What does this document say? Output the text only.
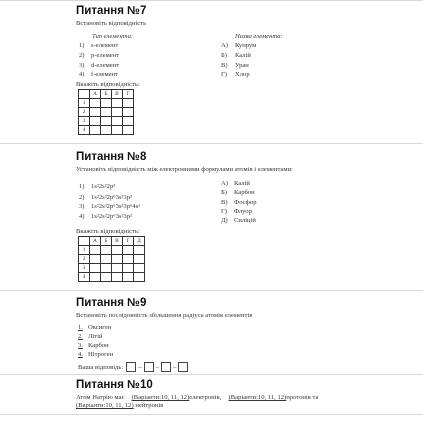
Питання №7
Встановіть відповідність
Тип елемента:	Назва елемента:
1) s-елемент
2) p-елемент
3) d-елемент
4) f-елемент
А) Купрум
Б) Калій
В) Уран
Г) Хлор
Вкажіть відповідність:
	А	Б	В	Г
1				
2				
3				
4				
Питання №8
Установіть відповідність між електронними формулами атомів і елементами:
1) 1s²2s²2p³
2) 1s²2s²2p⁶3s²3p³
3) 1s²2s²2p⁶3s²3p⁶4s¹
4) 1s²2s²2p⁶3s²3p²
А) Калій
Б) Карбон
В) Фосфор
Г) Флуор
Д) Силіцій
Вкажіть відповідність:
	А	Б	В	Г	Д
1					
2					
3					
4					
Питання №9
Встановіть послідовність збільшення радіуса атомів елементів
1. Оксиген
2. Літій
3. Карбон
4. Нітроген
Ваша відповідь: – – –
Питання №10
Атом Натрію має (Варіанти:10, 11, 12)електронів, (Варіанти:10, 11, 12)протонів та
(Варіанти:10, 11, 12) нейтронів
